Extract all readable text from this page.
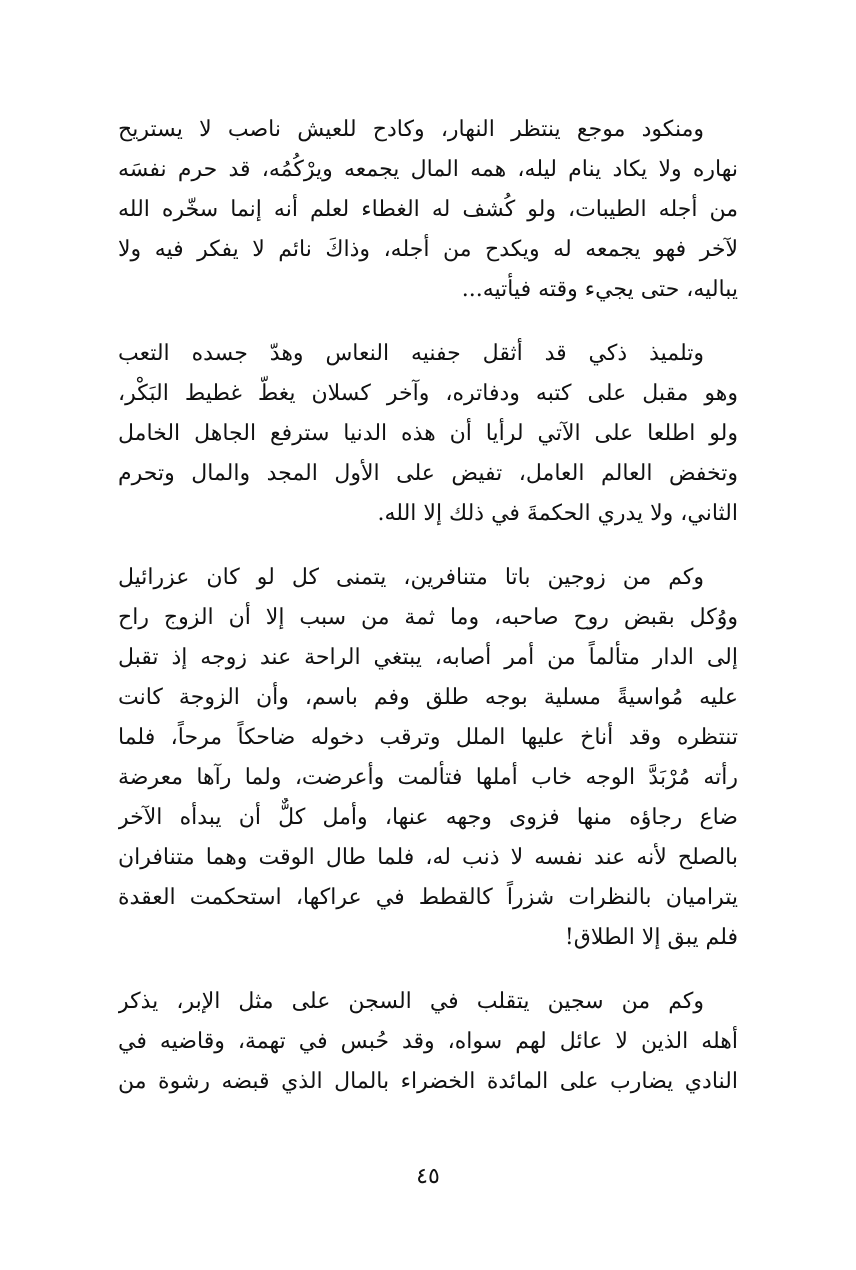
ومنكود موجع ينتظر النهار، وكادح للعيش ناصب لا يستريح
نهاره ولا يكاد ينام ليله، همه المال يجمعه ويرْكُمُه، قد حرم نفسَه
من أجله الطيبات، ولو كُشف له الغطاء لعلم أنه إنما سخّره الله
لآخر فهو يجمعه له ويكدح من أجله، وذاكَ نائم لا يفكر فيه ولا
يباليه، حتى يجيء وقته فيأتيه...

وتلميذ ذكي قد أثقل جفنيه النعاس وهدّ جسده التعب
وهو مقبل على كتبه ودفاتره، وآخر كسلان يغطّ غطيط البَكْر،
ولو اطلعا على الآتي لرأيا أن هذه الدنيا سترفع الجاهل الخامل
وتخفض العالم العامل، تفيض على الأول المجد والمال وتحرم
الثاني، ولا يدري الحكمةَ في ذلك إلا الله.

وكم من زوجين باتا متنافرين، يتمنى كل لو كان عزرائيل
ووُكل بقبض روح صاحبه، وما ثمة من سبب إلا أن الزوج راح
إلى الدار متألماً من أمر أصابه، يبتغي الراحة عند زوجه إذ تقبل
عليه مُواسيةً مسلية بوجه طلق وفم باسم، وأن الزوجة كانت
تنتظره وقد أناخ عليها الملل وترقب دخوله ضاحكاً مرحاً، فلما
رأته مُرْبَدَّ الوجه خاب أملها فتألمت وأعرضت، ولما رآها معرضة
ضاع رجاؤه منها فزوى وجهه عنها، وأمل كلٌّ أن يبدأه الآخر
بالصلح لأنه عند نفسه لا ذنب له، فلما طال الوقت وهما متنافران
يتراميان بالنظرات شزراً كالقطط في عراكها، استحكمت العقدة
فلم يبق إلا الطلاق!

وكم من سجين يتقلب في السجن على مثل الإبر، يذكر
أهله الذين لا عائل لهم سواه، وقد حُبس في تهمة، وقاضيه في
النادي يضارب على المائدة الخضراء بالمال الذي قبضه رشوة من

٤٥
